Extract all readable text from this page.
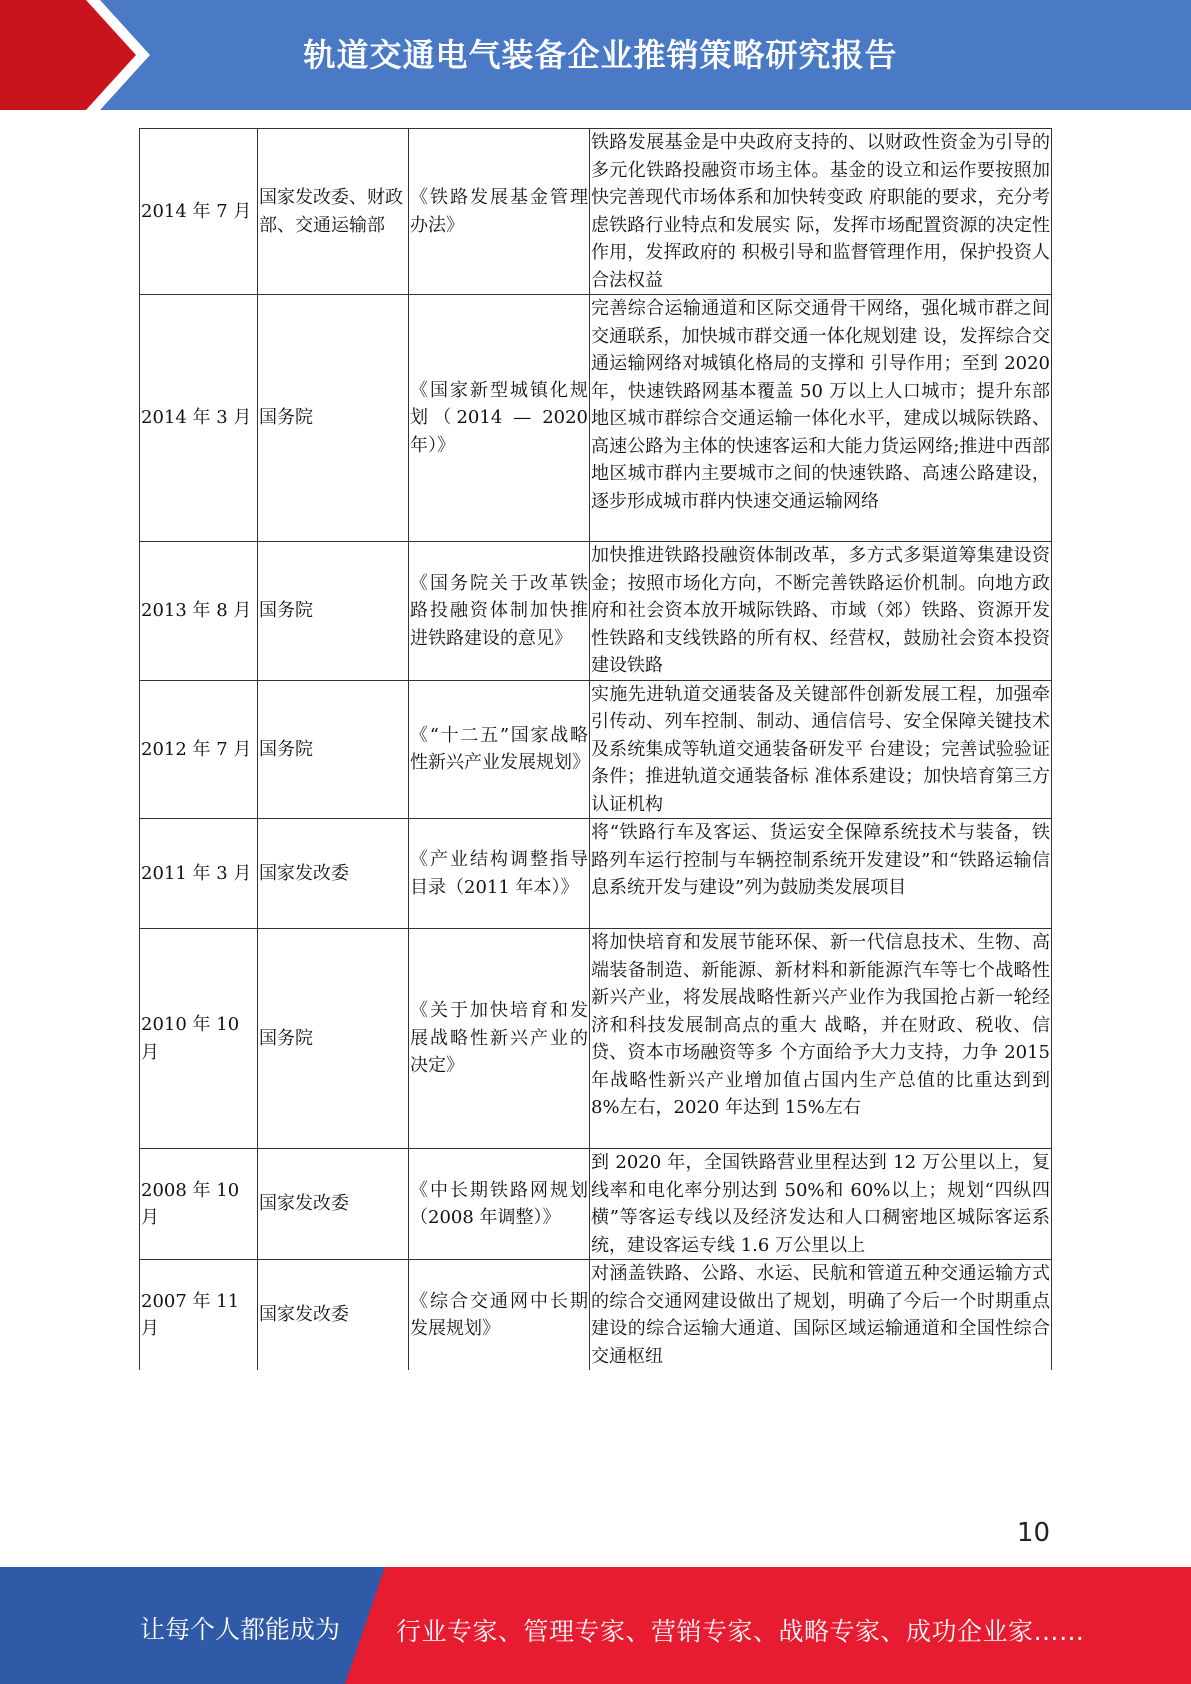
轨道交通电气装备企业推销策略研究报告
2014 年 7 月	国家发改委、财政部、交通运输部	《铁路发展基金管理办法》	铁路发展基金是中央政府支持的、以财政性资金为引导的多元化铁路投融资市场主体。基金的设立和运作要按照加快完善现代市场体系和加快转变政 府职能的要求，充分考虑铁路行业特点和发展实 际，发挥市场配置资源的决定性作用，发挥政府的 积极引导和监督管理作用，保护投资人合法权益
2014 年 3 月	国务院	《国家新型城镇化规划（2014 — 2020 年）》	完善综合运输通道和区际交通骨干网络，强化城市群之间交通联系，加快城市群交通一体化规划建 设，发挥综合交通运输网络对城镇化格局的支撑和 引导作用；至到 2020 年，快速铁路网基本覆盖 50 万以上人口城市；提升东部地区城市群综合交通运输一体化水平，建成以城际铁路、高速公路为主体的快速客运和大能力货运网络;推进中西部地区城市群内主要城市之间的快速铁路、高速公路建设，逐步形成城市群内快速交通运输网络
2013 年 8 月	国务院	《国务院关于改革铁路投融资体制加快推进铁路建设的意见》	加快推进铁路投融资体制改革，多方式多渠道筹集建设资金；按照市场化方向，不断完善铁路运价机制。向地方政府和社会资本放开城际铁路、市域（郊）铁路、资源开发性铁路和支线铁路的所有权、经营权，鼓励社会资本投资建设铁路
2012 年 7 月	国务院	《“十二五”国家战略性新兴产业发展规划》	实施先进轨道交通装备及关键部件创新发展工程，加强牵引传动、列车控制、制动、通信信号、安全保障关键技术及系统集成等轨道交通装备研发平 台建设；完善试验验证条件；推进轨道交通装备标 准体系建设；加快培育第三方认证机构
2011 年 3 月	国家发改委	《产业结构调整指导目录（2011 年本）》	将“铁路行车及客运、货运安全保障系统技术与装备，铁路列车运行控制与车辆控制系统开发建设”和“铁路运输信息系统开发与建设”列为鼓励类发展项目
2010 年 10 月	国务院	《关于加快培育和发展战略性新兴产业的决定》	将加快培育和发展节能环保、新一代信息技术、生物、高端装备制造、新能源、新材料和新能源汽车等七个战略性新兴产业，将发展战略性新兴产业作为我国抢占新一轮经济和科技发展制高点的重大 战略，并在财政、税收、信贷、资本市场融资等多 个方面给予大力支持，力争 2015 年战略性新兴产业增加值占国内生产总值的比重达到到 8%左右，2020 年达到 15%左右
2008 年 10 月	国家发改委	《中长期铁路网规划（2008 年调整）》	到 2020 年，全国铁路营业里程达到 12 万公里以上，复线率和电化率分别达到 50%和 60%以上；规划“四纵四横”等客运专线以及经济发达和人口稠密地区城际客运系统，建设客运专线 1.6 万公里以上
2007 年 11 月	国家发改委	《综合交通网中长期发展规划》	对涵盖铁路、公路、水运、民航和管道五种交通运输方式的综合交通网建设做出了规划，明确了今后一个时期重点建设的综合运输大通道、国际区域运输通道和全国性综合交通枢纽
10
让每个人都能成为 行业专家、管理专家、营销专家、战略专家、成功企业家……
